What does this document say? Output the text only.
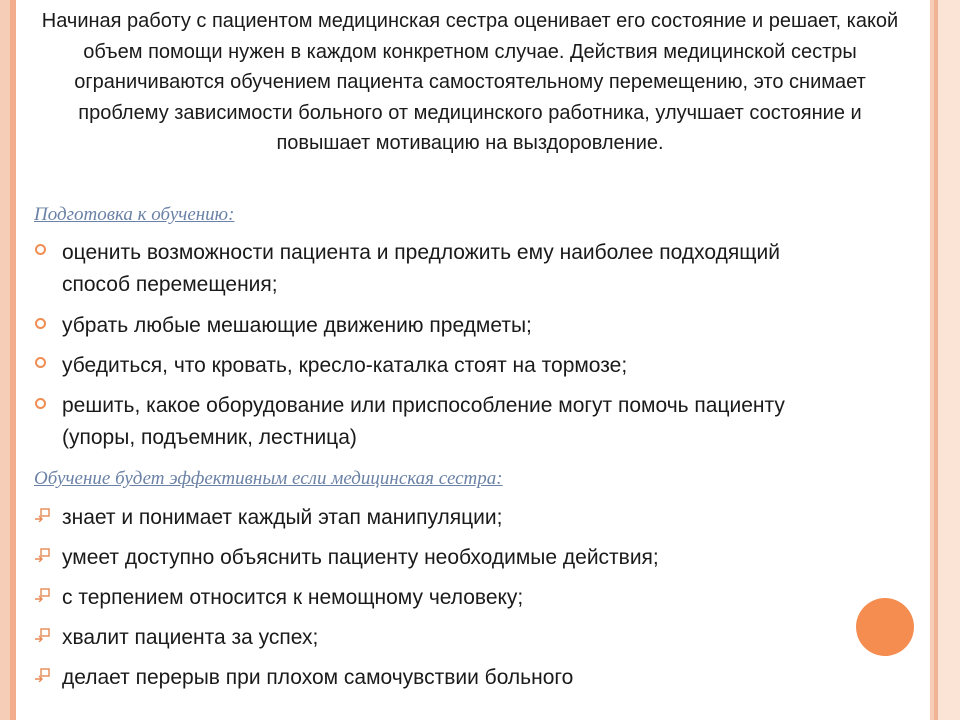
Начиная работу с пациентом медицинская сестра оценивает его состояние и решает, какой объем помощи нужен в каждом конкретном случае. Действия медицинской сестры ограничиваются обучением пациента самостоятельному перемещению, это снимает проблему зависимости больного от медицинского работника, улучшает состояние и повышает мотивацию на выздоровление.
Подготовка к обучению:
оценить возможности пациента и предложить ему наиболее подходящий способ перемещения;
убрать любые мешающие движению предметы;
убедиться, что кровать, кресло-каталка стоят на тормозе;
решить, какое оборудование или приспособление могут помочь пациенту (упоры, подъемник, лестница)
Обучение будет эффективным если медицинская сестра:
знает и понимает каждый этап манипуляции;
умеет доступно объяснить пациенту необходимые действия;
с терпением относится к немощному человеку;
хвалит пациента за успех;
делает перерыв при плохом самочувствии больного
